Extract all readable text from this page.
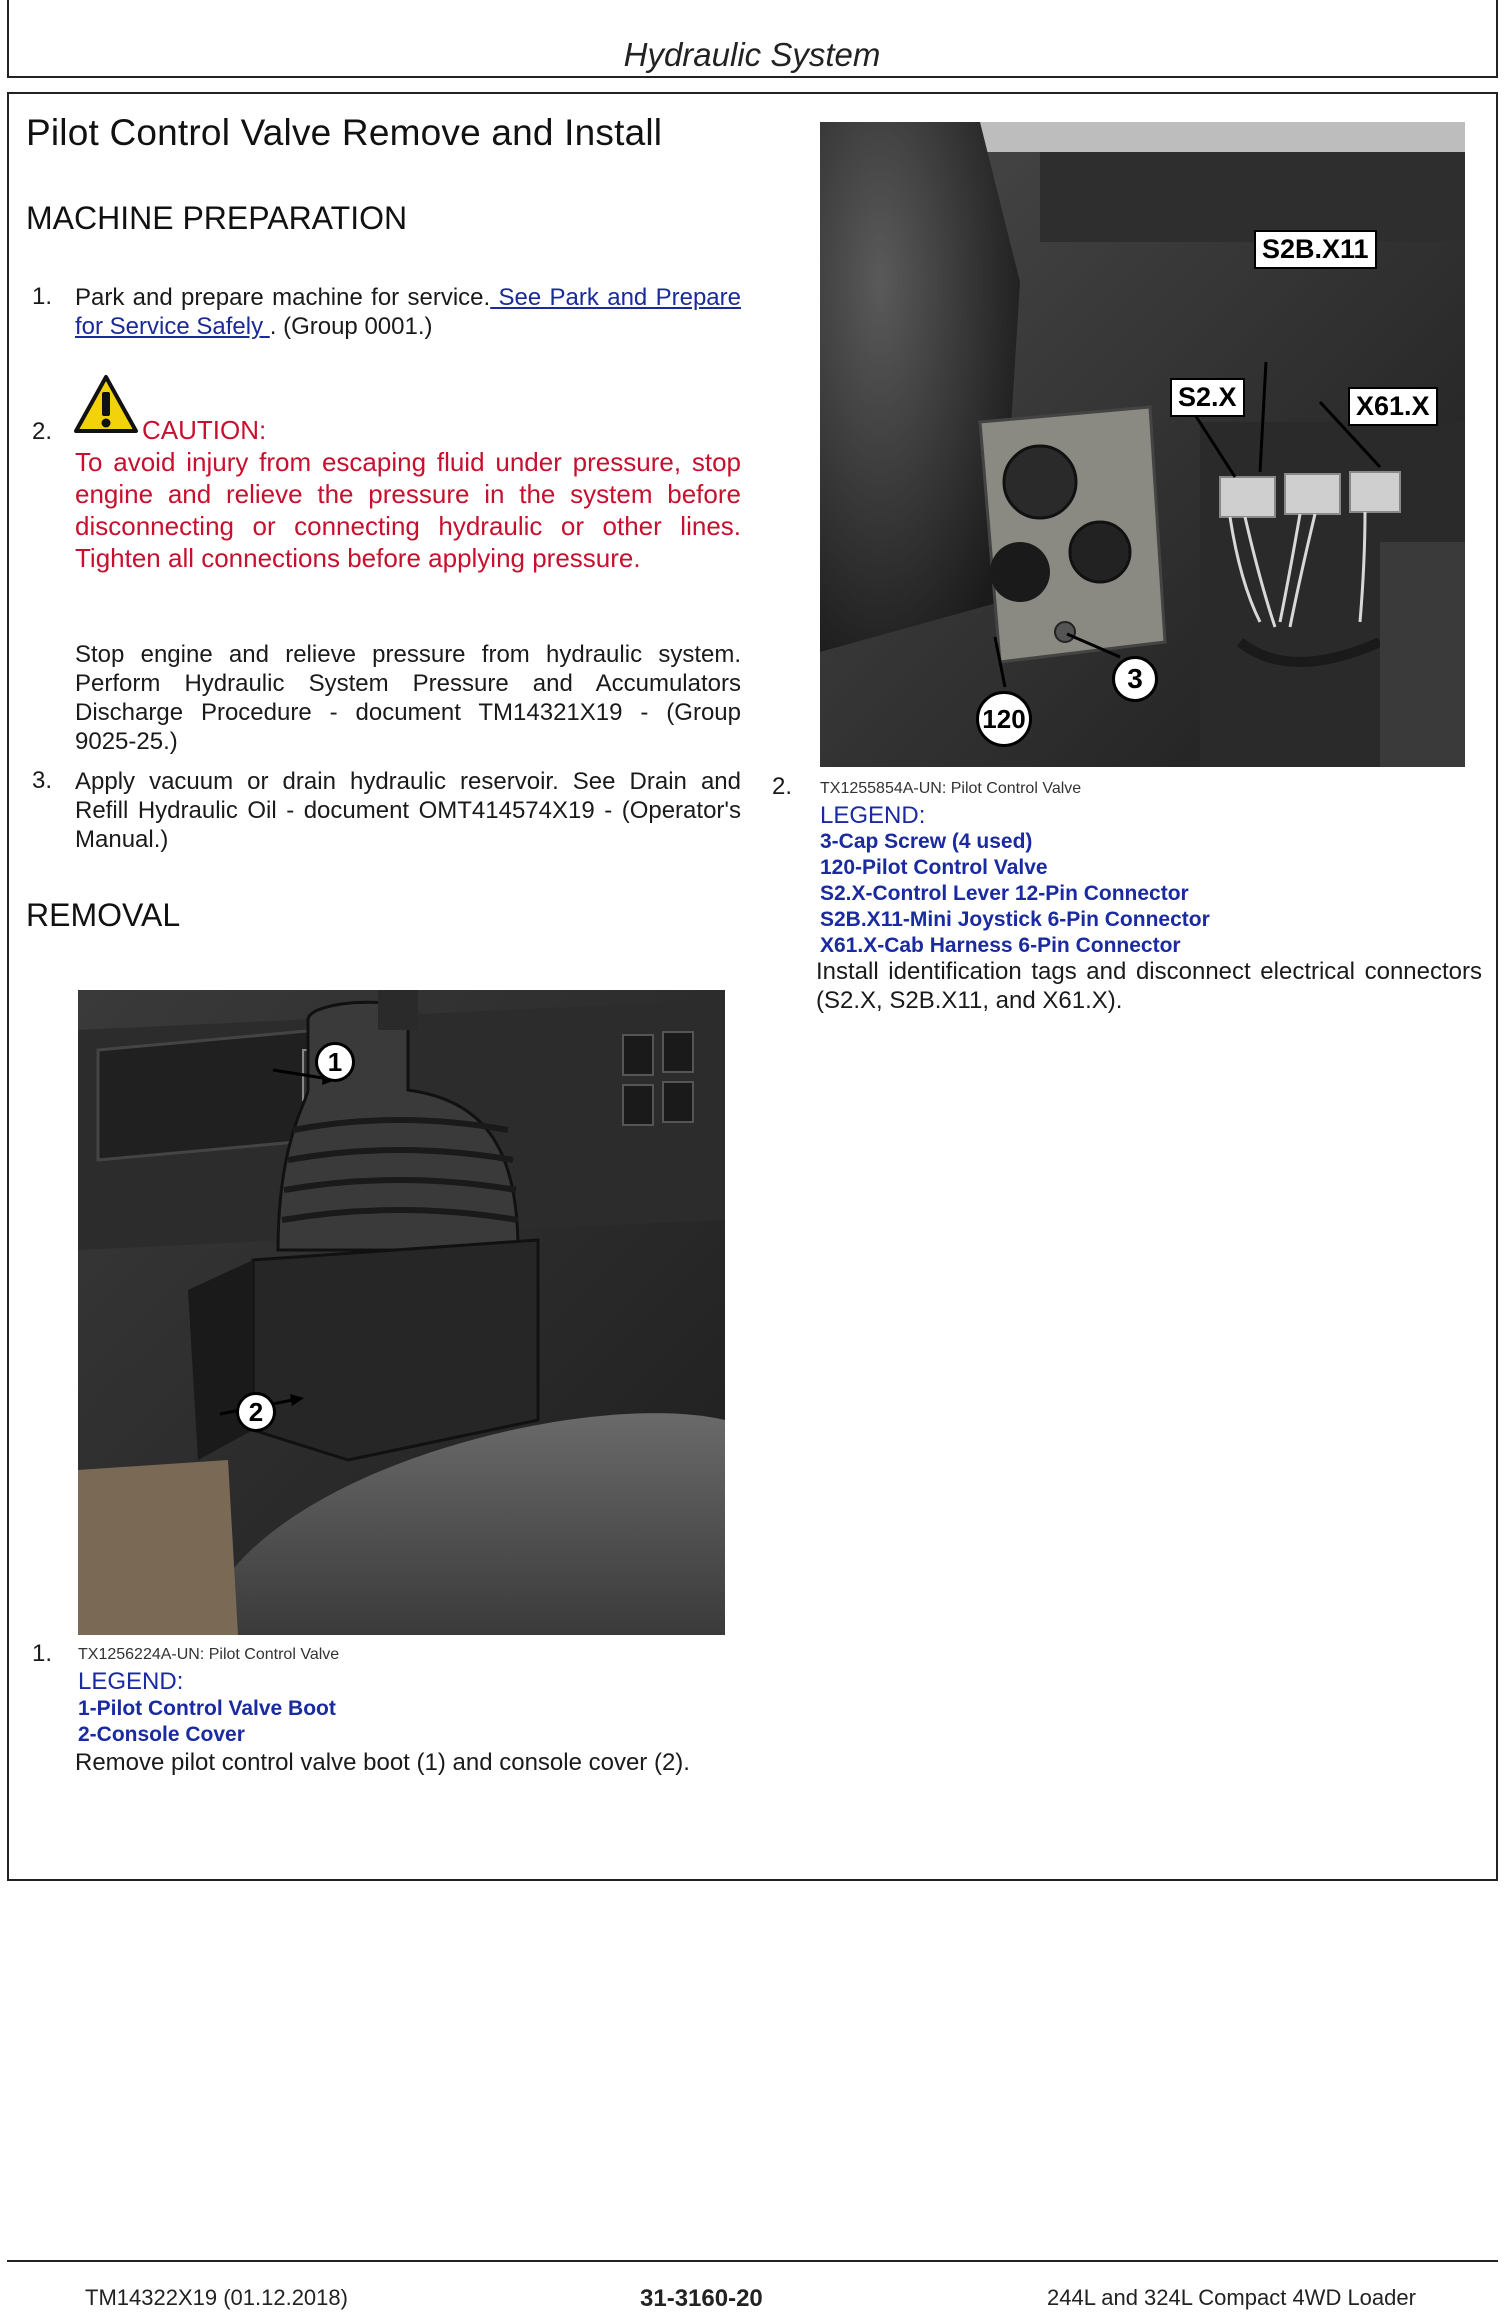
Hydraulic System
Pilot Control Valve Remove and Install
MACHINE PREPARATION
1. Park and prepare machine for service. See Park and Prepare for Service Safely . (Group 0001.)
2.	CAUTION:
To avoid injury from escaping fluid under pressure, stop engine and relieve the pressure in the system before disconnecting or connecting hydraulic or other lines. Tighten all connections before applying pressure.
Stop engine and relieve pressure from hydraulic system. Perform Hydraulic System Pressure and Accumulators Discharge Procedure - document TM14321X19 - (Group 9025-25.)
3. Apply vacuum or drain hydraulic reservoir. See Drain and Refill Hydraulic Oil - document OMT414574X19 - (Operator's Manual.)
REMOVAL
1
2
1. TX1256224A-UN: Pilot Control Valve
LEGEND:
1-Pilot Control Valve Boot
2-Console Cover
Remove pilot control valve boot (1) and console cover (2).
S2B.X11
S2.X	X61.X
3
120
2. TX1255854A-UN: Pilot Control Valve
LEGEND:
3-Cap Screw (4 used)
120-Pilot Control Valve
S2.X-Control Lever 12-Pin Connector
S2B.X11-Mini Joystick 6-Pin Connector
X61.X-Cab Harness 6-Pin Connector
Install identification tags and disconnect electrical connectors (S2.X, S2B.X11, and X61.X).
TM14322X19 (01.12.2018)	31-3160-20	244L and 324L Compact 4WD Loader
